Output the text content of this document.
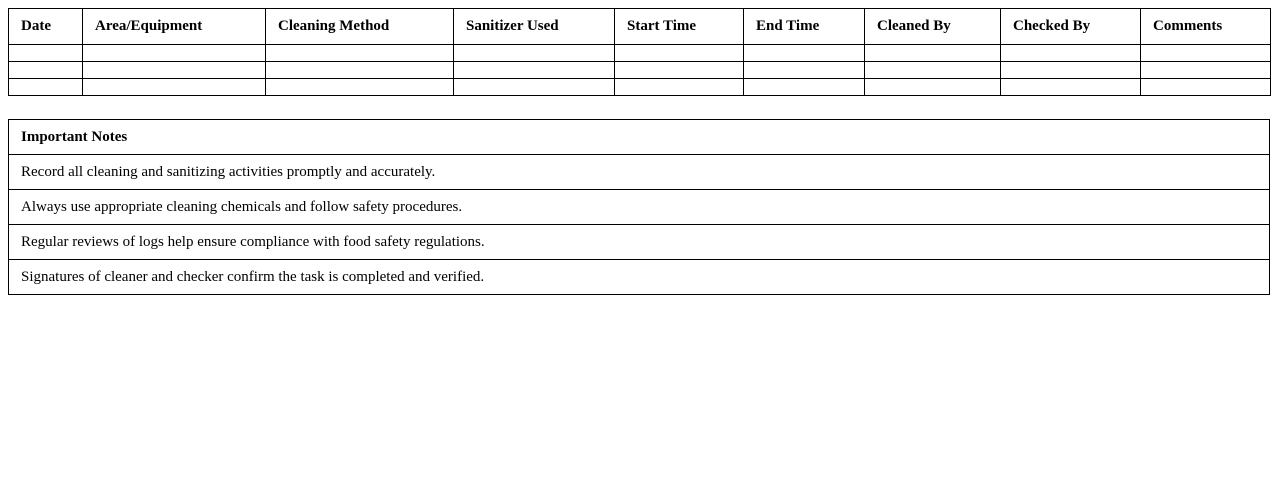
Date	Area/Equipment	Cleaning Method	Sanitizer Used	Start Time	End Time	Cleaned By	Checked By	Comments

Important Notes
Record all cleaning and sanitizing activities promptly and accurately.
Always use appropriate cleaning chemicals and follow safety procedures.
Regular reviews of logs help ensure compliance with food safety regulations.
Signatures of cleaner and checker confirm the task is completed and verified.
